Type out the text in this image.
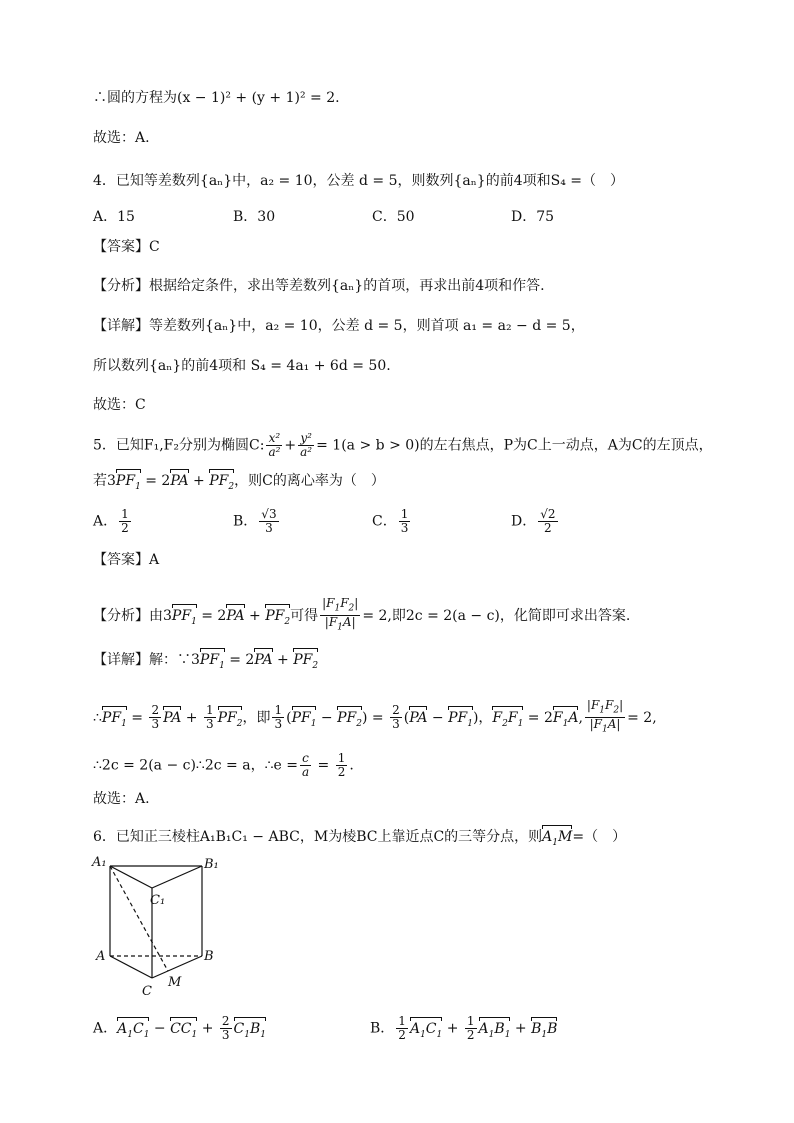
∴圆的方程为(x − 1)² + (y + 1)² = 2.
故选：A.
4．已知等差数列{aₙ}中，a₂ = 10，公差 d = 5，则数列{aₙ}的前4项和S₄ =（　）
A．15	B．30	C．50	D．75
【答案】C
【分析】根据给定条件，求出等差数列{aₙ}的首项，再求出前4项和作答.
【详解】等差数列{aₙ}中，a₂ = 10，公差 d = 5，则首项 a₁ = a₂ − d = 5，
所以数列{aₙ}的前4项和 S₄ = 4a₁ + 6d = 50.
故选：C
5．已知F₁,F₂分别为椭圆C: $\frac{\text{x²}}{\text{a²}} + \frac{\text{y²}}{\text{a²}} = 1(a > b > 0)$的左右焦点，P为C上一动点，A为C的左顶点，
若$3PF_1 = 2PA + PF_2$，则C的离心率为（　）
A． $\frac{1}{2}$	B． $\frac{√3}{3}$	C． $\frac{1}{3}$	D． $\frac{√2}{2}$
【答案】A
【分析】由$3PF_1 = 2PA + PF_2$可得 $\frac{|F_1F_2|}{|F_1A|} = 2$,即2c = 2(a − c)，化简即可求出答案.
【详解】解：$\because 3PF_1 = 2PA + PF_2$
$\therefore PF_1 = \frac{2}{3}$ PA + $\frac{1}{3} PF_2$，即 $\frac{1}{3} (PF_1 - PF_2) = \frac{2}{3} (PA - PF_1)$，$F_2F_1 = 2F_1A$, $\frac{|F_1F_2|}{|F_1A|} = 2$,
∴2c = 2(a − c)∴2c = a，∴e = $\frac{c}{a} = \frac{1}{2}$ .
故选：A.
6．已知正三棱柱A₁B₁C₁ − ABC，M为棱BC上靠近点C的三等分点，则$A_1M=$（　）
A₁	B₁
C₁
A	B
C
M
A．$A_1C_1 - CC_1 + \frac{2}{3} C_1B_1$	B． $\frac{1}{2} A_1C_1 + \frac{1}{2} A_1B_1 + B_1B$
